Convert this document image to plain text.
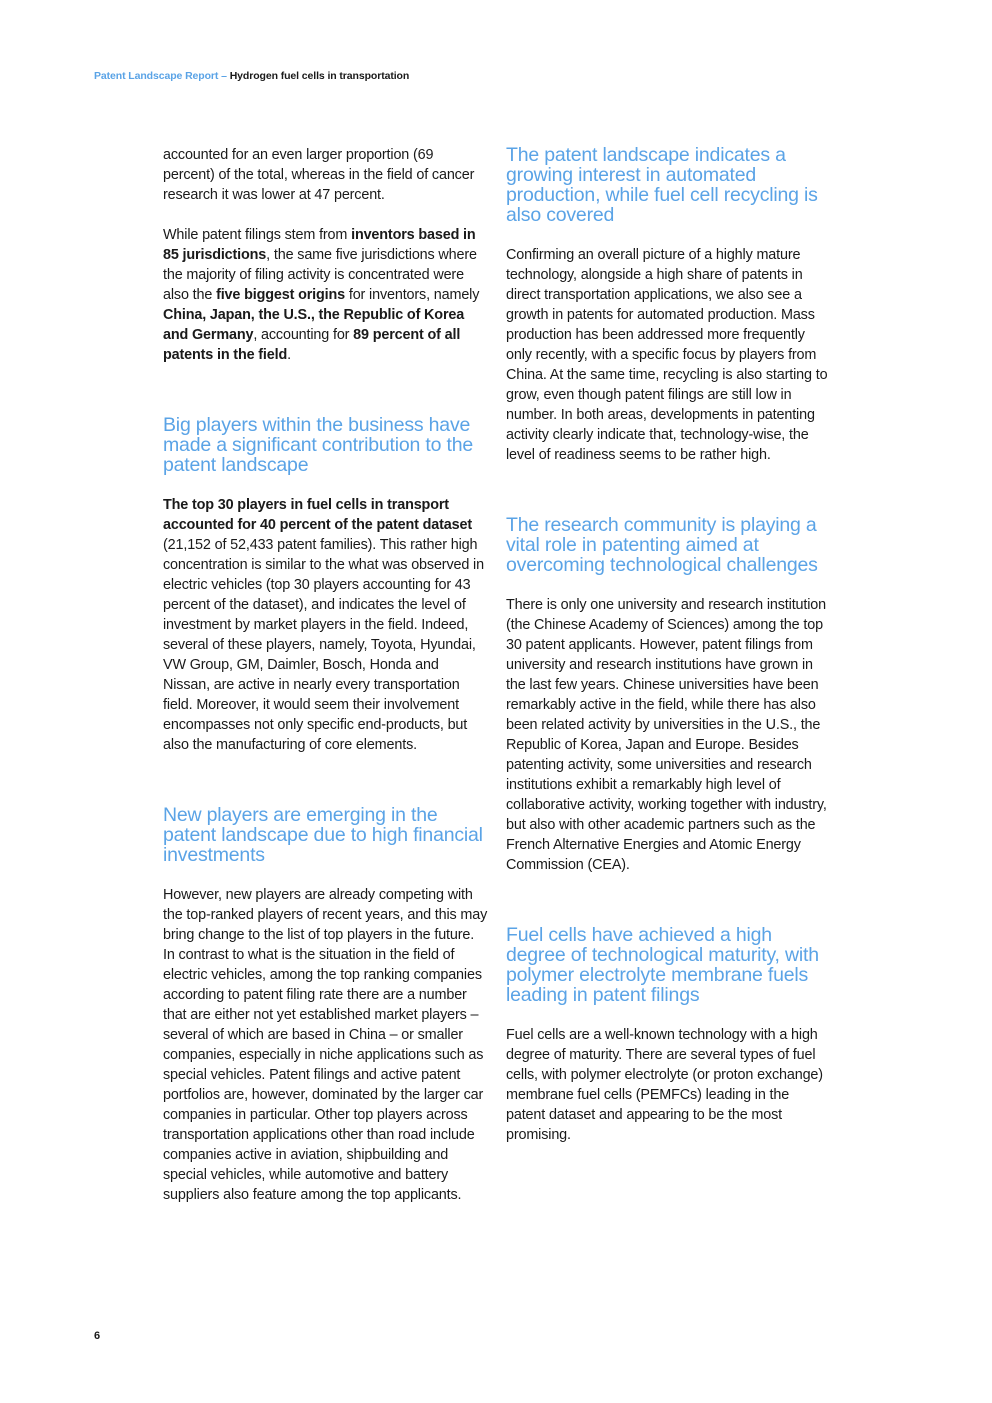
Patent Landscape Report – Hydrogen fuel cells in transportation

accounted for an even larger proportion (69 percent) of the total, whereas in the field of cancer research it was lower at 47 percent.

While patent filings stem from inventors based in 85 jurisdictions, the same five jurisdictions where the majority of filing activity is concentrated were also the five biggest origins for inventors, namely China, Japan, the U.S., the Republic of Korea and Germany, accounting for 89 percent of all patents in the field.

Big players within the business have made a significant contribution to the patent landscape

The top 30 players in fuel cells in transport accounted for 40 percent of the patent dataset (21,152 of 52,433 patent families). This rather high concentration is similar to the what was observed in electric vehicles (top 30 players accounting for 43 percent of the dataset), and indicates the level of investment by market players in the field. Indeed, several of these players, namely, Toyota, Hyundai, VW Group, GM, Daimler, Bosch, Honda and Nissan, are active in nearly every transportation field. Moreover, it would seem their involvement encompasses not only specific end-products, but also the manufacturing of core elements.

New players are emerging in the patent landscape due to high financial investments

However, new players are already competing with the top-ranked players of recent years, and this may bring change to the list of top players in the future. In contrast to what is the situation in the field of electric vehicles, among the top ranking companies according to patent filing rate there are a number that are either not yet established market players – several of which are based in China – or smaller companies, especially in niche applications such as special vehicles. Patent filings and active patent portfolios are, however, dominated by the larger car companies in particular. Other top players across transportation applications other than road include companies active in aviation, shipbuilding and special vehicles, while automotive and battery suppliers also feature among the top applicants.

The patent landscape indicates a growing interest in automated production, while fuel cell recycling is also covered

Confirming an overall picture of a highly mature technology, alongside a high share of patents in direct transportation applications, we also see a growth in patents for automated production. Mass production has been addressed more frequently only recently, with a specific focus by players from China. At the same time, recycling is also starting to grow, even though patent filings are still low in number. In both areas, developments in patenting activity clearly indicate that, technology-wise, the level of readiness seems to be rather high.

The research community is playing a vital role in patenting aimed at overcoming technological challenges

There is only one university and research institution (the Chinese Academy of Sciences) among the top 30 patent applicants. However, patent filings from university and research institutions have grown in the last few years. Chinese universities have been remarkably active in the field, while there has also been related activity by universities in the U.S., the Republic of Korea, Japan and Europe. Besides patenting activity, some universities and research institutions exhibit a remarkably high level of collaborative activity, working together with industry, but also with other academic partners such as the French Alternative Energies and Atomic Energy Commission (CEA).

Fuel cells have achieved a high degree of technological maturity, with polymer electrolyte membrane fuels leading in patent filings

Fuel cells are a well-known technology with a high degree of maturity. There are several types of fuel cells, with polymer electrolyte (or proton exchange) membrane fuel cells (PEMFCs) leading in the patent dataset and appearing to be the most promising.

6
